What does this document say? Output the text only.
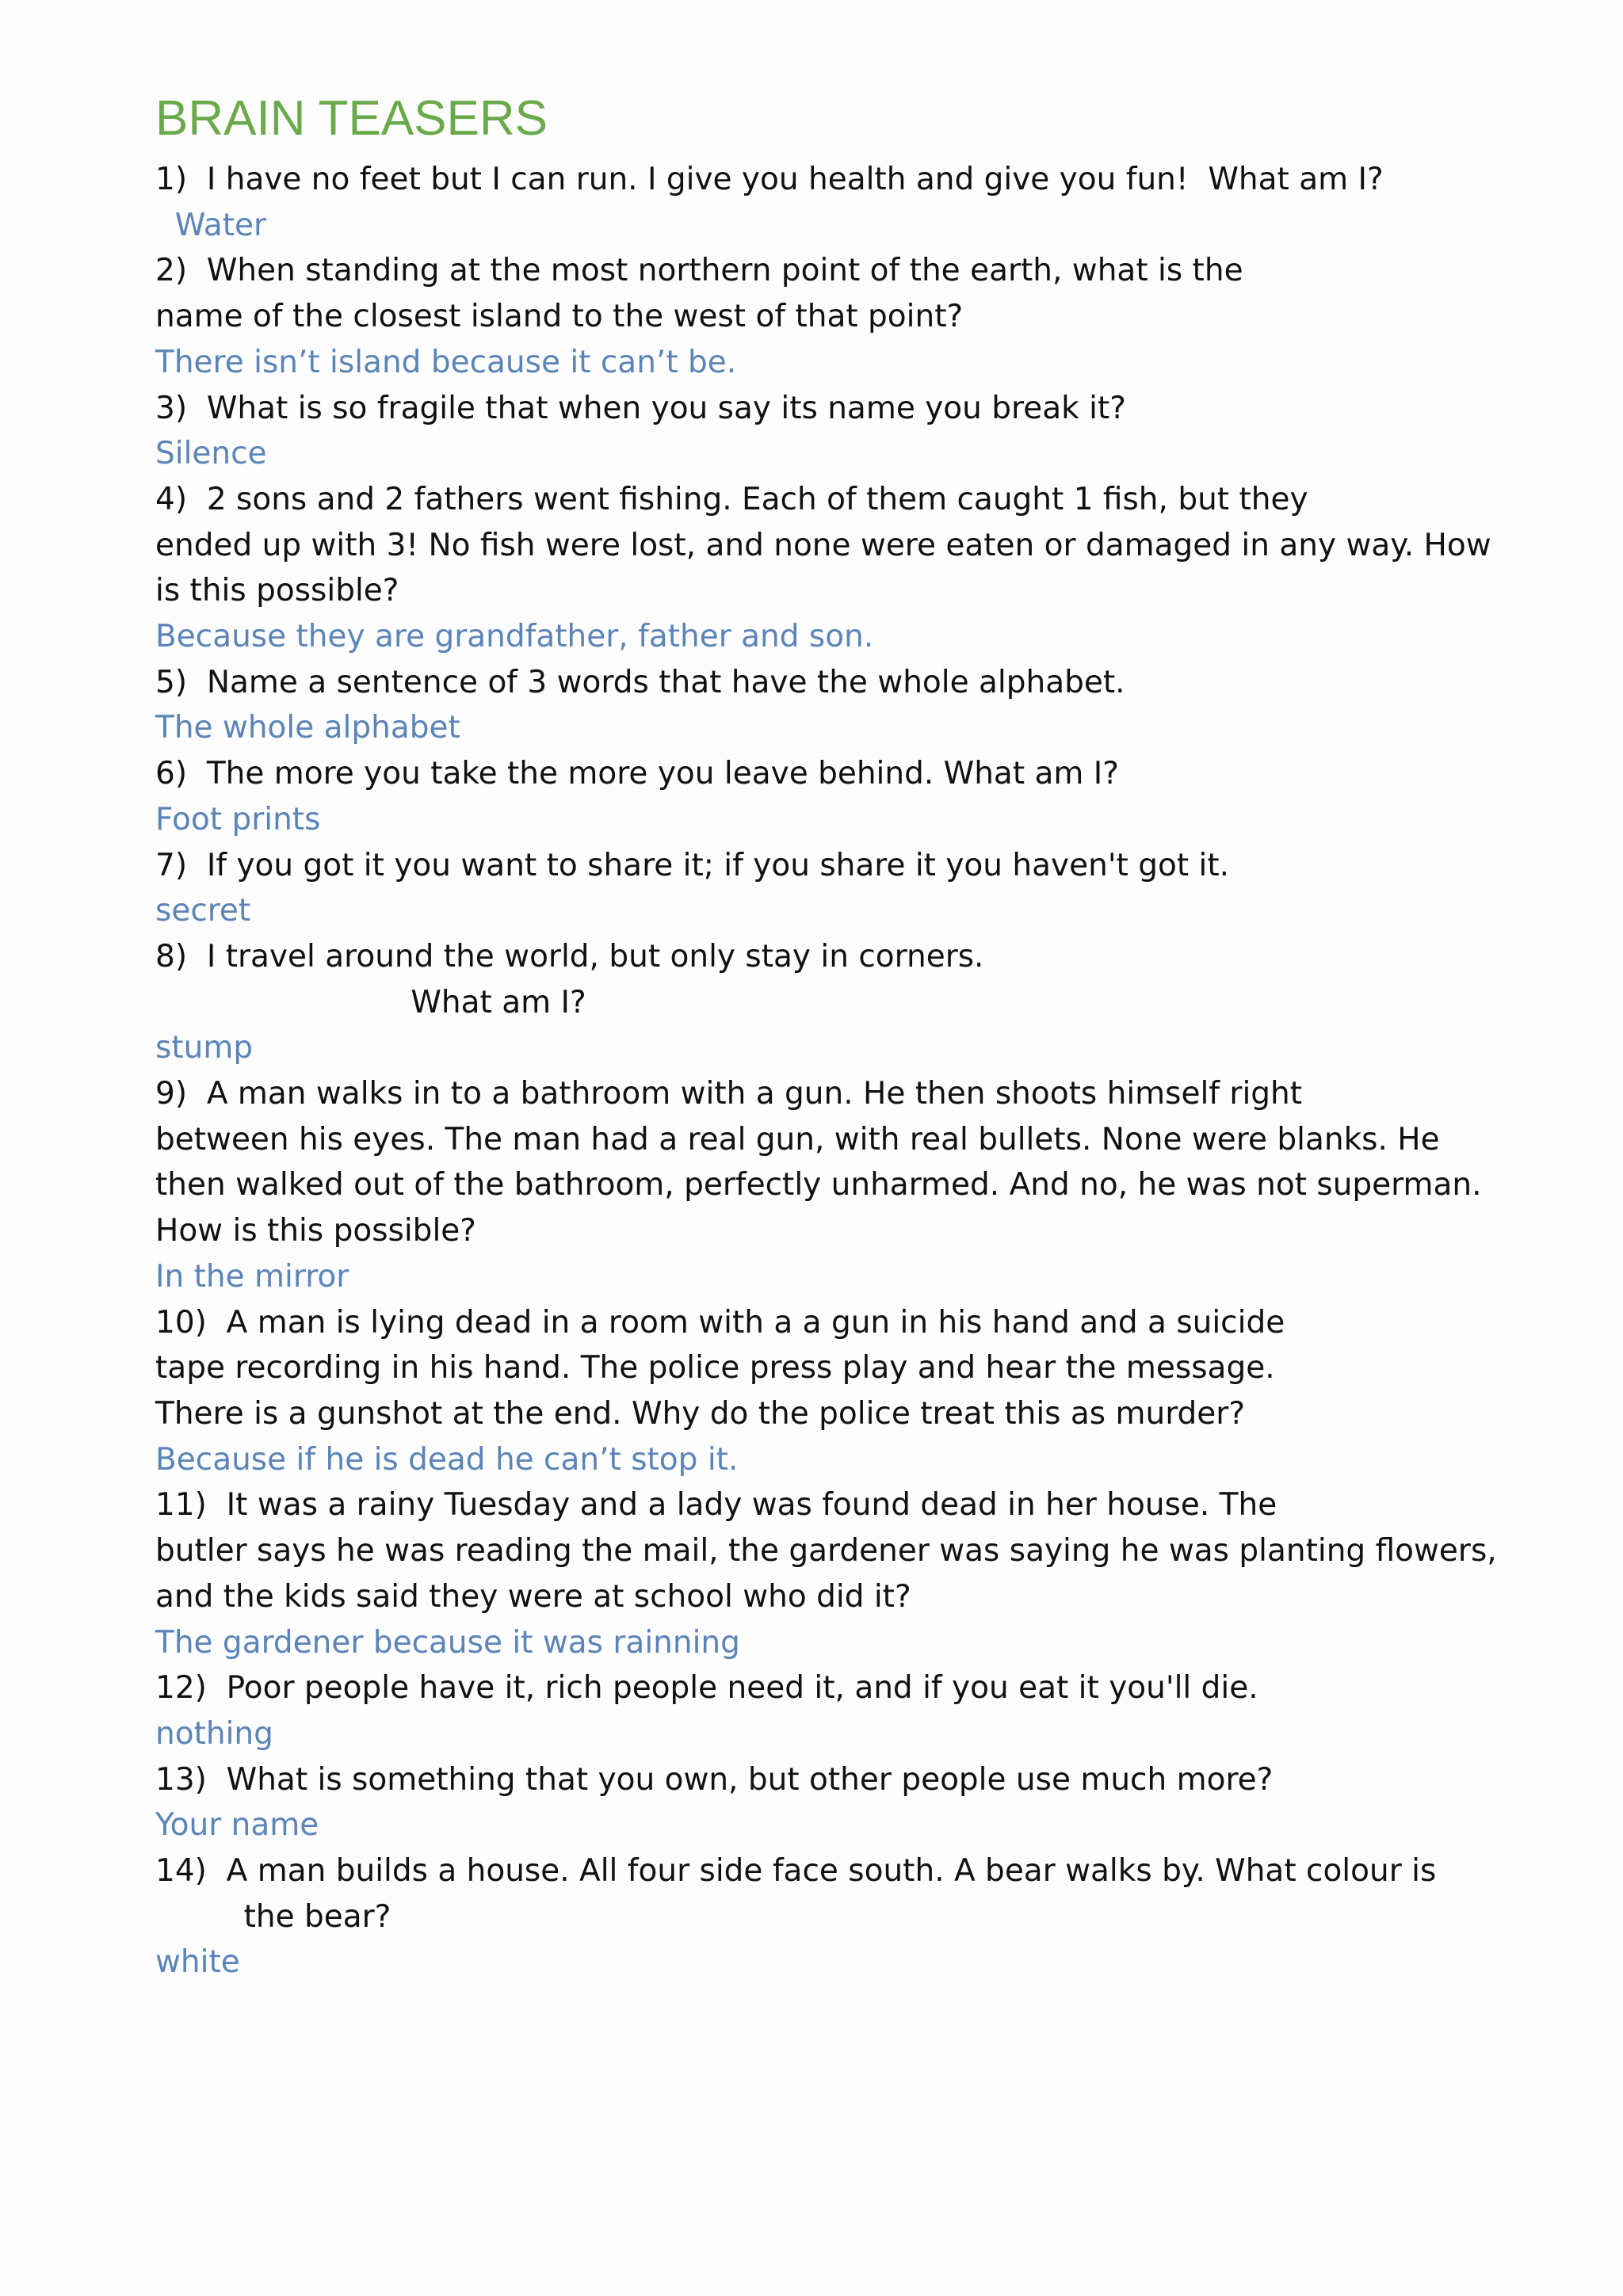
BRAIN TEASERS

1)  I have no feet but I can run. I give you health and give you fun!  What am I?

Water

2)  When standing at the most northern point of the earth, what is the

name of the closest island to the west of that point?

There isn’t island because it can’t be.

3)  What is so fragile that when you say its name you break it?

Silence

4)  2 sons and 2 fathers went fishing. Each of them caught 1 fish, but they

ended up with 3! No fish were lost, and none were eaten or damaged in any way. How

is this possible?

Because they are grandfather, father and son.

5)  Name a sentence of 3 words that have the whole alphabet.

The whole alphabet

6)  The more you take the more you leave behind. What am I?

Foot prints

7)  If you got it you want to share it; if you share it you haven't got it.

secret

8)  I travel around the world, but only stay in corners.

What am I?

stump

9)  A man walks in to a bathroom with a gun. He then shoots himself right

between his eyes. The man had a real gun, with real bullets. None were blanks. He

then walked out of the bathroom, perfectly unharmed. And no, he was not superman.

How is this possible?

In the mirror

10)  A man is lying dead in a room with a a gun in his hand and a suicide

tape recording in his hand. The police press play and hear the message.

There is a gunshot at the end. Why do the police treat this as murder?

Because if he is dead he can’t stop it.

11)  It was a rainy Tuesday and a lady was found dead in her house. The

butler says he was reading the mail, the gardener was saying he was planting flowers,

and the kids said they were at school who did it?

The gardener because it was rainning

12)  Poor people have it, rich people need it, and if you eat it you'll die.

nothing

13)  What is something that you own, but other people use much more?

Your name

14)  A man builds a house. All four side face south. A bear walks by. What colour is

the bear?

white
